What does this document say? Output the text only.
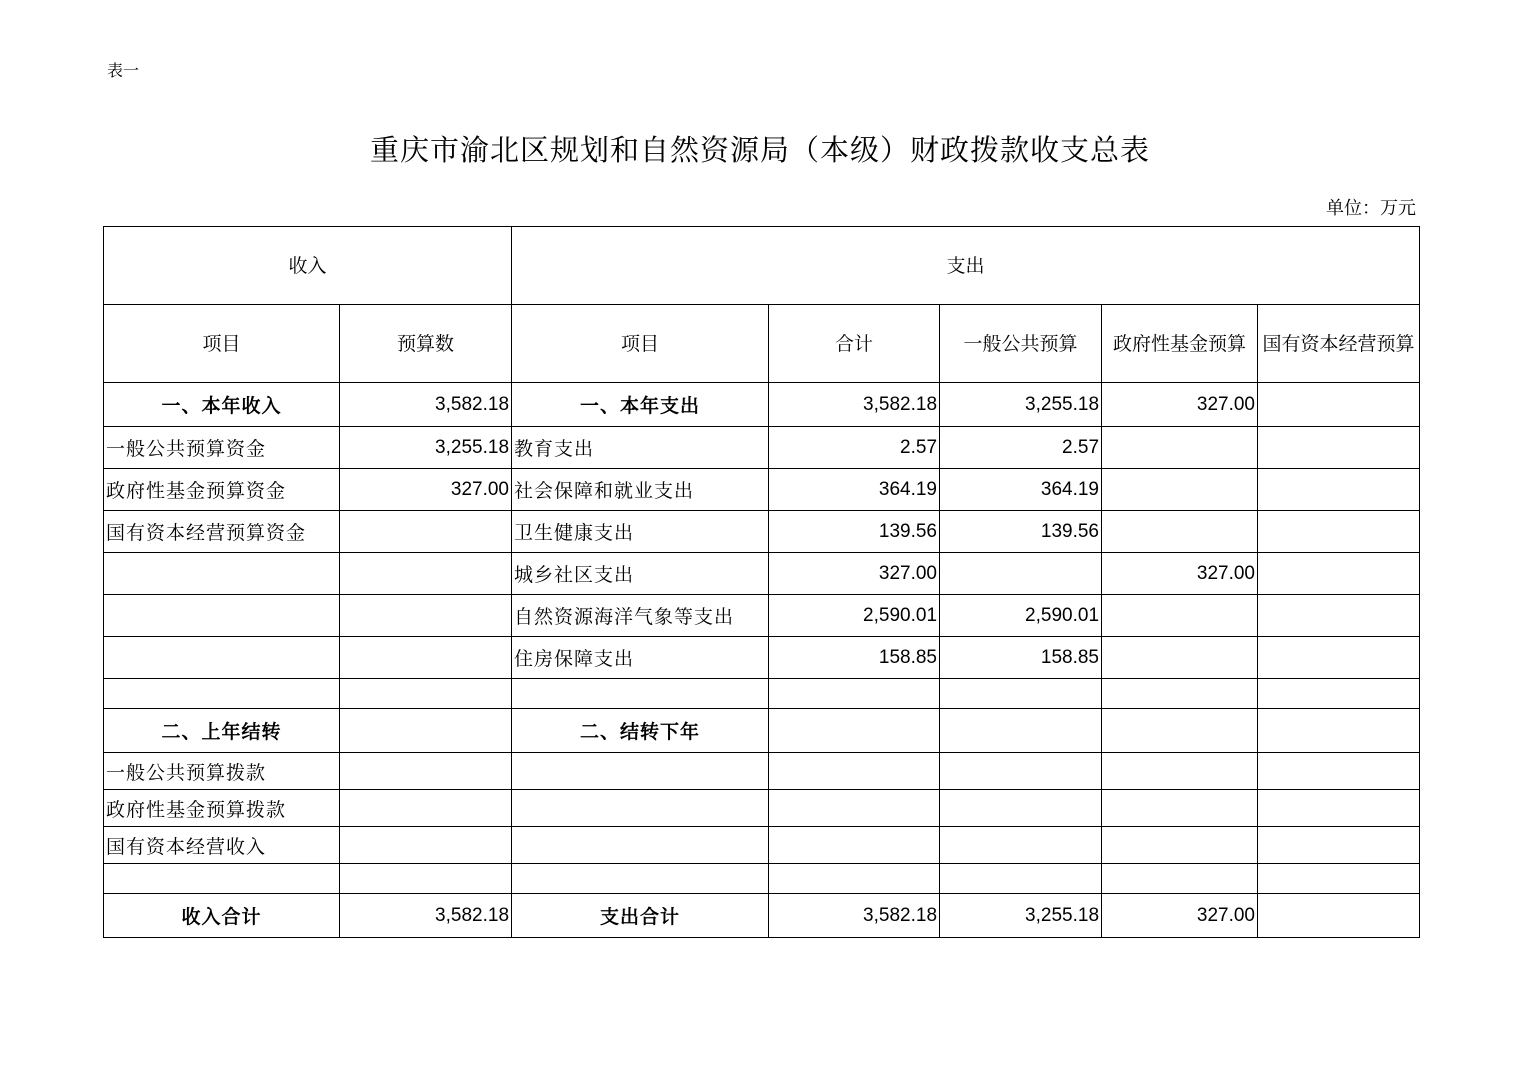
表一
重庆市渝北区规划和自然资源局（本级）财政拨款收支总表
单位：万元
收入		支出				
项目	预算数	项目	合计	一般公共预算	政府性基金预算	国有资本经营预算
一、本年收入	3,582.18	一、本年支出	3,582.18	3,255.18	327.00	
一般公共预算资金	3,255.18	教育支出	2.57	2.57		
政府性基金预算资金	327.00	社会保障和就业支出	364.19	364.19		
国有资本经营预算资金		卫生健康支出	139.56	139.56		
		城乡社区支出	327.00		327.00	
		自然资源海洋气象等支出	2,590.01	2,590.01		
		住房保障支出	158.85	158.85		

二、上年结转		二、结转下年				
一般公共预算拨款						
政府性基金预算拨款						
国有资本经营收入						

收入合计	3,582.18	支出合计	3,582.18	3,255.18	327.00	
